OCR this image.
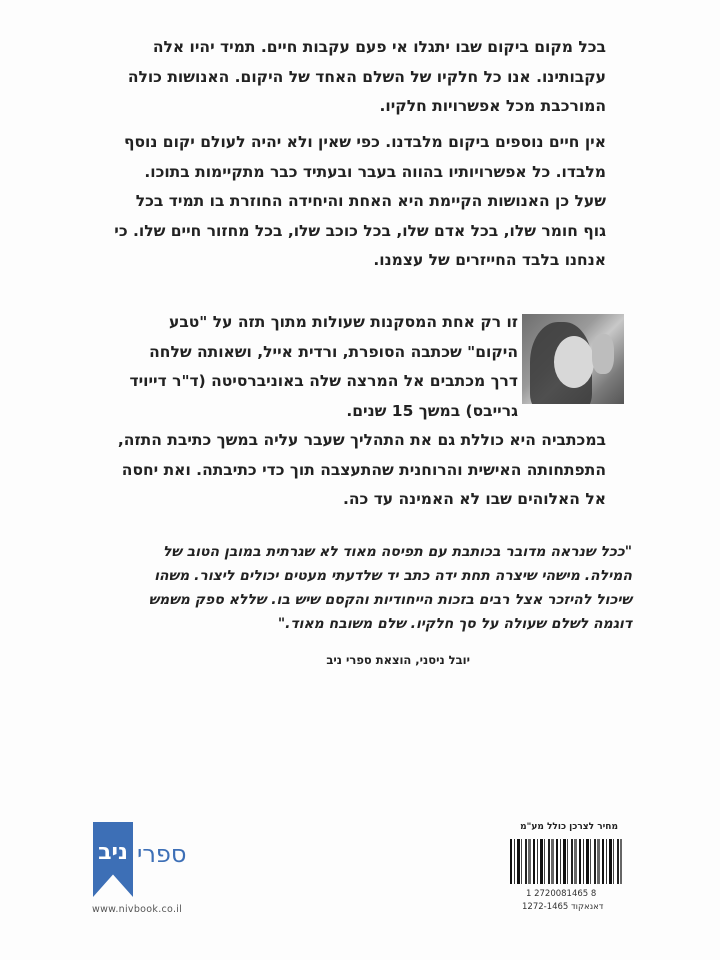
בכל מקום ביקום שבו יתגלו אי פעם עקבות חיים. תמיד יהיו אלה
עקבותינו. אנו כל חלקיו של השלם האחד של היקום. האנושות כולה
המורכבת מכל אפשרויות חלקיו.
אין חיים נוספים ביקום מלבדנו. כפי שאין ולא יהיה לעולם יקום נוסף
מלבדו. כל אפשרויותיו בהווה בעבר ובעתיד כבר מתקיימות בתוכו.
שעל כן האנושות הקיימת היא האחת והיחידה החוזרת בו תמיד בכל
גוף חומר שלו, בכל אדם שלו, בכל כוכב שלו, בכל מחזור חיים שלו. כי
אנחנו בלבד החייזרים של עצמנו.
זו רק אחת המסקנות שעולות מתוך תזה על "טבע
היקום" שכתבה הסופרת, ורדית אייל, ושאותה שלחה
דרך מכתבים אל המרצה שלה באוניברסיטה (ד"ר דייויד
גרייבס) במשך 15 שנים.
במכתביה היא כוללת גם את התהליך שעבר עליה במשך כתיבת התזה,
התפתחותה האישית והרוחנית שהתעצבה תוך כדי כתיבתה. ואת יחסה
אל האלוהים שבו לא האמינה עד כה.
"ככל שנראה מדובר בכותבת עם תפיסה מאוד לא שגרתית במובן הטוב של
המילה. מישהי שיצרה תחת ידה כתב יד שלדעתי מעטים יכולים ליצור. משהו
שיכול להיזכר אצל רבים בזכות הייחודיות והקסם שיש בו. שללא ספק משמש
דוגמה לשלם שעולה על סך חלקיו. שלם משובח מאוד."
יובל ניסני, הוצאת ספרי ניב
ניב ספרי
www.nivbook.co.il
מחיר לצרכן כולל מע"מ
1 2720081465 8
דאנאקוד 1272-1465
